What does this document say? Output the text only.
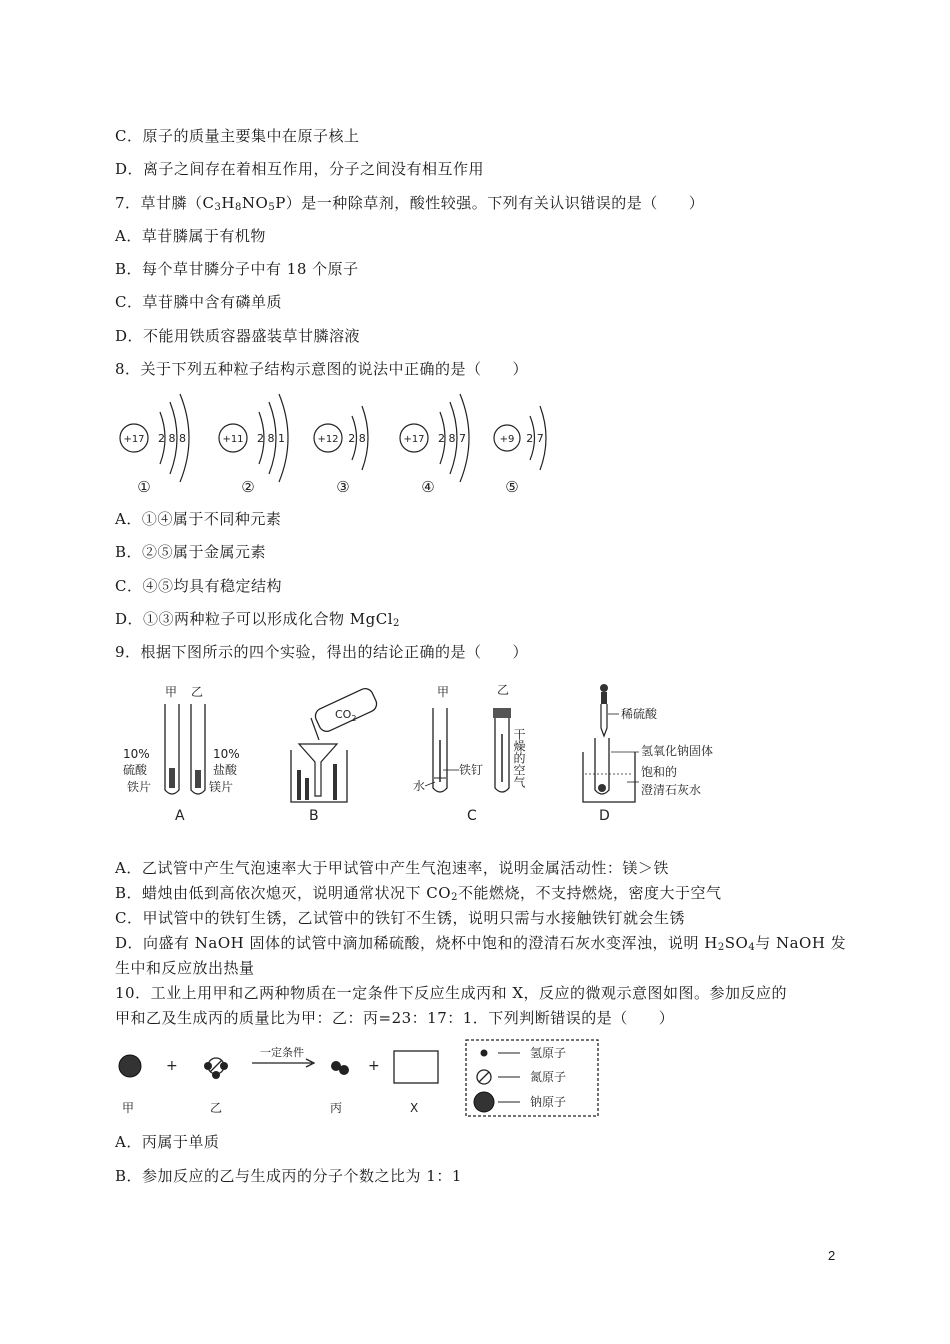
C．原子的质量主要集中在原子核上
D．离子之间存在着相互作用，分子之间没有相互作用
7．草甘膦$(C_3H_8NO_5P)$是一种除草剂，酸性较强。下列有关认识错误的是（　　）
A．草苷膦属于有机物
B．每个草甘膦分子中有 18 个原子
C．草苷膦中含有磷单质
D．不能用铁质容器盛装草甘膦溶液
8．关于下列五种粒子结构示意图的说法中正确的是（　　）
+17 2 8 8
①
+11 2 8 1
②
+12 2 8
③
+17 2 8 7
④
+9 2 7
⑤
A．①④属于不同种元素
B．②⑤属于金属元素
C．④⑤均具有稳定结构
D．①③两种粒子可以形成化合物 MgCl$_2$
9．根据下图所示的四个实验，得出的结论正确的是（　　）
甲 乙
10%
硫酸
铁片
10%
盐酸
镁片
A
$CO_2$
B
甲	乙
水
铁钉 干燥的空气
C
稀硫酸
氢氧化钠固体
饱和的
澄清石灰水
D
A．乙试管中产生气泡速率大于甲试管中产生气泡速率，说明金属活动性：镁＞铁
B．蜡烛由低到高依次熄灭，说明通常状况下 $CO_2$不能燃烧，不支持燃烧，密度大于空气
C．甲试管中的铁钉生锈，乙试管中的铁钉不生锈，说明只需与水接触铁钉就会生锈
D．向盛有 NaOH 固体的试管中滴加稀硫酸，烧杯中饱和的澄清石灰水变浑浊，说明 $H_2SO_4$与 NaOH 发
生中和反应放出热量
10．工业上用甲和乙两种物质在一定条件下反应生成丙和 X，反应的微观示意图如图。参加反应的
甲和乙及生成丙的质量比为甲：乙：丙=23：17：1．下列判断错误的是（　　）
甲
+
乙
一定条件
丙
+
X
氢原子
氮原子
钠原子
A．丙属于单质
B．参加反应的乙与生成丙的分子个数之比为 1：1
2
